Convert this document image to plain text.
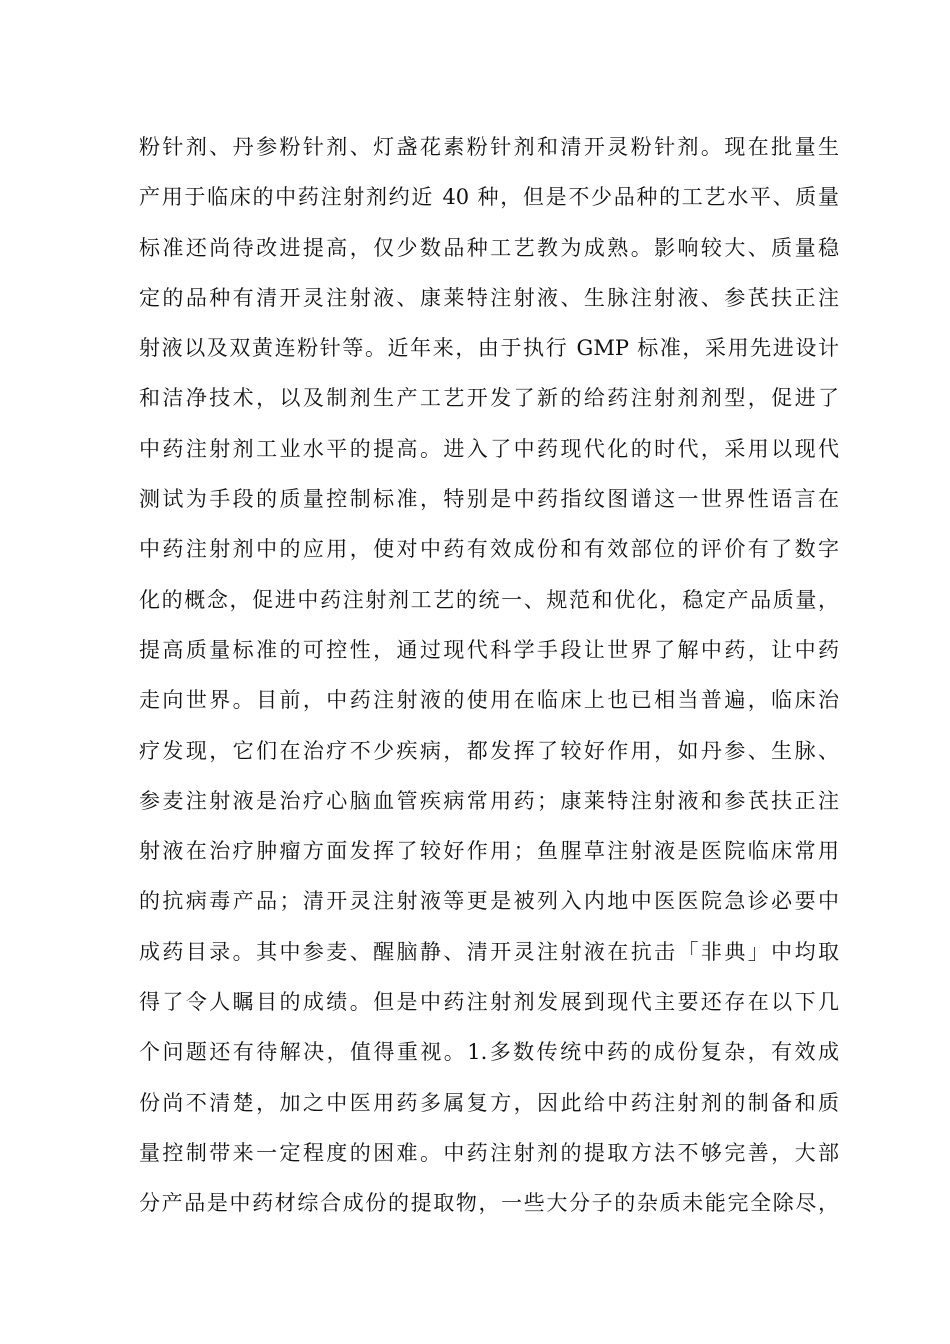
粉针剂、丹参粉针剂、灯盏花素粉针剂和清开灵粉针剂。现在批量生
产用于临床的中药注射剂约近 40 种，但是不少品种的工艺水平、质量
标准还尚待改进提高，仅少数品种工艺教为成熟。影响较大、质量稳
定的品种有清开灵注射液、康莱特注射液、生脉注射液、参芪扶正注
射液以及双黄连粉针等。近年来，由于执行 GMP 标准，采用先进设计
和洁净技术，以及制剂生产工艺开发了新的给药注射剂剂型，促进了
中药注射剂工业水平的提高。进入了中药现代化的时代，采用以现代
测试为手段的质量控制标准，特别是中药指纹图谱这一世界性语言在
中药注射剂中的应用，使对中药有效成份和有效部位的评价有了数字
化的概念，促进中药注射剂工艺的统一、规范和优化，稳定产品质量，
提高质量标准的可控性，通过现代科学手段让世界了解中药，让中药
走向世界。目前，中药注射液的使用在临床上也已相当普遍，临床治
疗发现，它们在治疗不少疾病，都发挥了较好作用，如丹参、生脉、
参麦注射液是治疗心脑血管疾病常用药；康莱特注射液和参芪扶正注
射液在治疗肿瘤方面发挥了较好作用；鱼腥草注射液是医院临床常用
的抗病毒产品；清开灵注射液等更是被列入内地中医医院急诊必要中
成药目录。其中参麦、醒脑静、清开灵注射液在抗击「非典」中均取
得了令人瞩目的成绩。但是中药注射剂发展到现代主要还存在以下几
个问题还有待解决，值得重视。1.多数传统中药的成份复杂，有效成
份尚不清楚，加之中医用药多属复方，因此给中药注射剂的制备和质
量控制带来一定程度的困难。中药注射剂的提取方法不够完善，大部
分产品是中药材综合成份的提取物，一些大分子的杂质未能完全除尽，
